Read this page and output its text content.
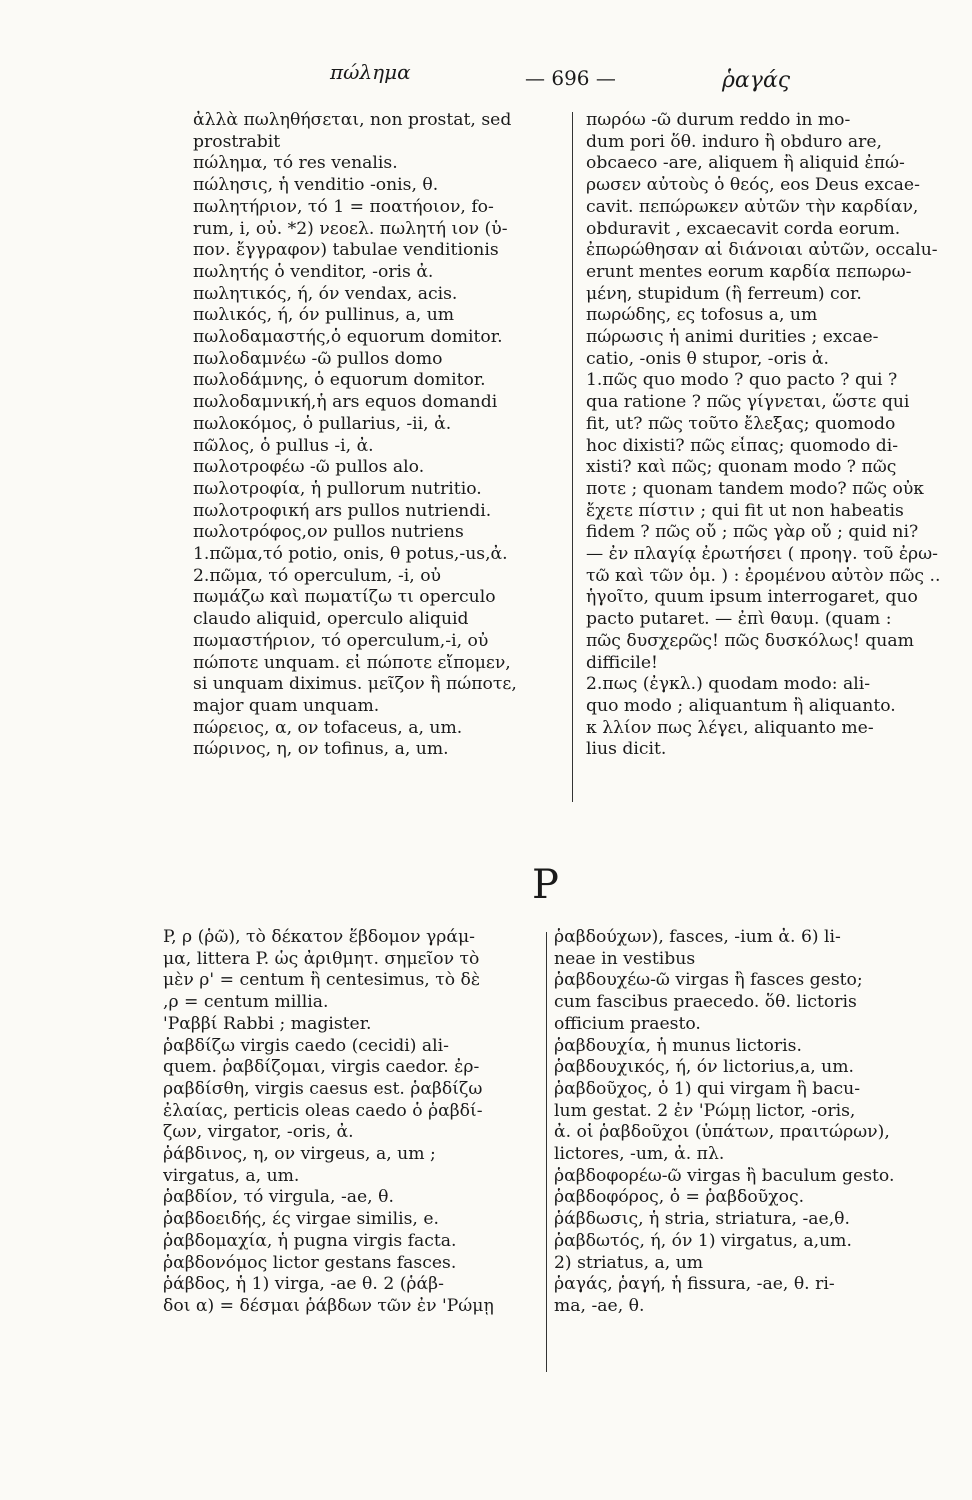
πώλημα	— 696 —	ῥαγάς
ἀλλὰ πωληθήσεται, non prostat, sed
prostrabit
πώλημα, τό res venalis.
πώλησις, ἡ venditio -onis, θ.
πωλητήριον, τό 1 = ποατήοιον, fo-
rum, i, οὐ. *2) νεοελ. πωλητή ιον (ὑ-
πον. ἔγγραφον) tabulae venditionis
πωλητής ὁ venditor, -oris ἀ.
πωλητικός, ή, όν vendax, acis.
πωλικός, ή, όν pullinus, a, um
πωλοδαμαστής,ὁ equorum domitor.
πωλοδαμνέω -ῶ pullos domo
πωλοδάμνης, ὁ equorum domitor.
πωλοδαμνική,ἡ ars equos domandi
πωλοκόμος, ὁ pullarius, -ii, ἀ.
πῶλος, ὁ pullus -i, ἀ.
πωλοτροφέω -ῶ pullos alo.
πωλοτροφία, ἡ pullorum nutritio.
πωλοτροφική ars pullos nutriendi.
πωλοτρόφος,ον pullos nutriens
1.πῶμα,τό potio, onis, θ potus,-us,ἀ.
2.πῶμα, τό operculum, -i, οὐ
πωμάζω καὶ πωματίζω τι operculo
claudo aliquid, operculo aliquid
πωμαστήριον, τό operculum,-i, οὐ
πώποτε unquam. εἰ πώποτε εἴπομεν,
si unquam diximus. μεῖζον ἢ πώποτε,
major quam unquam.
πώρειος, α, ον tofaceus, a, um.
πώρινος, η, ον tofinus, a, um.
πωρόω -ῶ durum reddo in mo-
dum pori ὅθ. induro ἢ obduro are,
obcaeco -are, aliquem ἢ aliquid ἐπώ-
ρωσεν αὐτοὺς ὁ θεός, eos Deus excae-
cavit. πεπώρωκεν αὐτῶν τὴν καρδίαν,
obduravit , excaecavit corda eorum.
ἐπωρώθησαν αἱ διάνοιαι αὐτῶν, occalu-
erunt mentes eorum καρδία πεπωρω-
μένη, stupidum (ἢ ferreum) cor.
πωρώδης, ες tofosus a, um
πώρωσις ἡ animi durities ; excae-
catio, -onis θ stupor, -oris ἀ.
1.πῶς quo modo ? quo pacto ? qui ?
qua ratione ? πῶς γίγνεται, ὥστε qui
fit, ut? πῶς τοῦτο ἔλεξας; quomodo
hoc dixisti? πῶς εἶπας; quomodo di-
xisti? καὶ πῶς; quonam modo ? πῶς
ποτε ; quonam tandem modo? πῶς οὐκ
ἔχετε πίστιν ; qui fit ut non habeatis
fidem ? πῶς οὔ ; πῶς γὰρ οὔ ; quid ni?
— ἐν πλαγίᾳ ἐρωτήσει ( προηγ. τοῦ ἐρω-
τῶ καὶ τῶν ὁμ. ) : ἐρομένου αὐτὸν πῶς ..
ἡγοῖτο, quum ipsum interrogaret, quo
pacto putaret. — ἐπὶ θαυμ. (quam :
πῶς δυσχερῶς! πῶς δυσκόλως! quam
difficile!
2.πως (ἐγκλ.) quodam modo: ali-
quo modo ; aliquantum ἢ aliquanto.
κ λλίον πως λέγει, aliquanto me-
lius dicit.
P
P, ρ (ῥῶ), τὸ δέκατον ἕβδομον γράμ-
μα, littera P. ὡς ἀριθμητ. σημεῖον τὸ
μὲν ρ' = centum ἢ centesimus, τὸ δὲ
,ρ = centum millia.
'Ραββί Rabbi ; magister.
ῥαβδίζω virgis caedo (cecidi) ali-
quem. ῥαβδίζομαι, virgis caedor. ἐρ-
ραβδίσθη, virgis caesus est. ῥαβδίζω
ἐλαίας, perticis oleas caedo ὁ ῥαβδί-
ζων, virgator, -oris, ἀ.
ῥάβδινος, η, ον virgeus, a, um ;
virgatus, a, um.
ῥαβδίον, τό virgula, -ae, θ.
ῥαβδοειδής, ές virgae similis, e.
ῥαβδομαχία, ἡ pugna virgis facta.
ῥαβδονόμος lictor gestans fasces.
ῥάβδος, ἡ 1) virga, -ae θ. 2 (ῥάβ-
δοι α) = δέσμαι ῥάβδων τῶν ἐν 'Ρώμῃ
ῥαβδούχων), fasces, -ium ἀ. 6) li-
neae in vestibus
ῥαβδουχέω-ῶ virgas ἢ fasces gesto;
cum fascibus praecedo. ὅθ. lictoris
officium praesto.
ῥαβδουχία, ἡ munus lictoris.
ῥαβδουχικός, ή, όν lictorius,a, um.
ῥαβδοῦχος, ὁ 1) qui virgam ἢ bacu-
lum gestat. 2 ἐν 'Ρώμῃ lictor, -oris,
ἀ. οἱ ῥαβδοῦχοι (ὑπάτων, πραιτώρων),
lictores, -um, ἀ. πλ.
ῥαβδοφορέω-ῶ virgas ἢ baculum gesto.
ῥαβδοφόρος, ὁ = ῥαβδοῦχος.
ῥάβδωσις, ἡ stria, striatura, -ae,θ.
ῥαβδωτός, ή, όν 1) virgatus, a,um.
2) striatus, a, um
ῥαγάς, ῥαγή, ἡ fissura, -ae, θ. ri-
ma, -ae, θ.
